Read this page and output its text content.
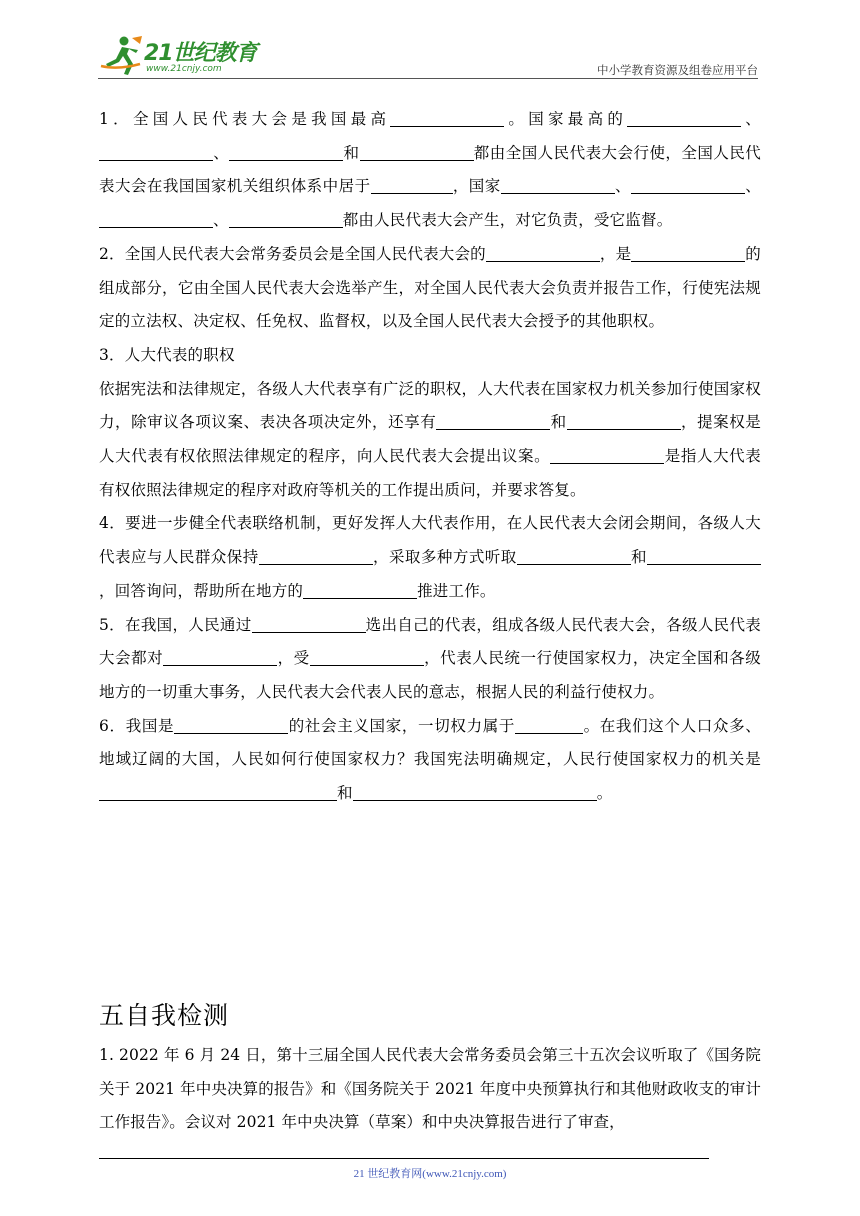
21世纪教育
www.21cnjy.com	中小学教育资源及组卷应用平台

1．全国人民代表大会是我国最高	。国家最高的	、、	和	都由全国人民代表大会行使，全国人民代表大会在我国国家机关组织体系中居于	，国家	、	、、	都由人民代表大会产生，对它负责，受它监督。

2．全国人民代表大会常务委员会是全国人民代表大会的	，是	的组成部分，它由全国人民代表大会选举产生，对全国人民代表大会负责并报告工作，行使宪法规定的立法权、决定权、任免权、监督权，以及全国人民代表大会授予的其他职权。

3．人大代表的职权

依据宪法和法律规定，各级人大代表享有广泛的职权，人大代表在国家权力机关参加行使国家权力，除审议各项议案、表决各项决定外，还享有	和	，提案权是人大代表有权依照法律规定的程序，向人民代表大会提出议案。	是指人大代表有权依照法律规定的程序对政府等机关的工作提出质问，并要求答复。

4．要进一步健全代表联络机制，更好发挥人大代表作用，在人民代表大会闭会期间，各级人大代表应与人民群众保持	，采取多种方式听取	和，回答询问，帮助所在地方的	推进工作。

5．在我国，人民通过	选出自己的代表，组成各级人民代表大会，各级人民代表大会都对	，受	，代表人民统一行使国家权力，决定全国和各级地方的一切重大事务，人民代表大会代表人民的意志，根据人民的利益行使权力。

6．我国是	的社会主义国家，一切权力属于	。在我们这个人口众多、地域辽阔的大国，人民如何行使国家权力？我国宪法明确规定，人民行使国家权力的机关是和	。

五自我检测

1. 2022 年 6 月 24 日，第十三届全国人民代表大会常务委员会第三十五次会议听取了《国务院关于 2021 年中央决算的报告》和《国务院关于 2021 年度中央预算执行和其他财政收支的审计工作报告》。会议对 2021 年中央决算（草案）和中央决算报告进行了审查，

21 世纪教育网(www.21cnjy.com)
